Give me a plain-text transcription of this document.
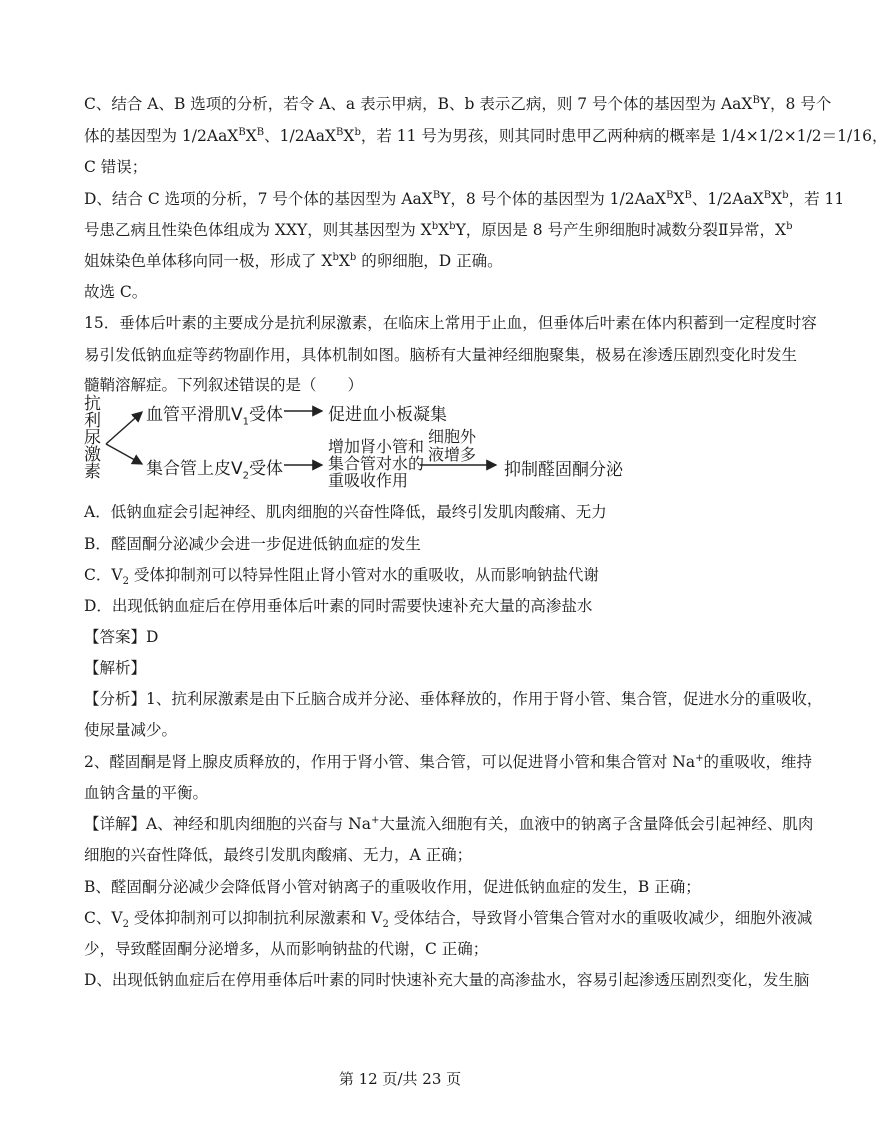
C、结合 A、B 选项的分析，若令 A、a 表示甲病，B、b 表示乙病，则 7 号个体的基因型为 AaX$^B$Y，8 号个
体的基因型为 $1/2AaX^BX^B$、$1/2AaX^BX^b$，若 11 号为男孩，则其同时患甲乙两种病的概率是 1/4×1/2×1/2＝1/16，
C 错误；
D、结合 C 选项的分析，7 号个体的基因型为 AaX$^B$Y，8 号个体的基因型为 $1/2AaX^BX^B$、$1/2AaX^BX^b$，若 11
号患乙病且性染色体组成为 XXY，则其基因型为 $X^bX^bY$，原因是 8 号产生卵细胞时减数分裂Ⅱ异常，$X^b$
姐妹染色单体移向同一极，形成了 $X^bX^b$ 的卵细胞，D 正确。
故选 C。
15．垂体后叶素的主要成分是抗利尿激素，在临床上常用于止血，但垂体后叶素在体内积蓄到一定程度时容
易引发低钠血症等药物副作用，具体机制如图。脑桥有大量神经细胞聚集，极易在渗透压剧烈变化时发生
髓鞘溶解症。下列叙述错误的是（　　）
抗
利
尿
激
素
血管平滑肌$V_1$受体	促进血小板凝集
集合管上皮$V_2$受体
增加肾小管和
集合管对水的
重吸收作用
细胞外
液增多
抑制醛固酮分泌
A．低钠血症会引起神经、肌肉细胞的兴奋性降低，最终引发肌肉酸痛、无力
B．醛固酮分泌减少会进一步促进低钠血症的发生
C．$V_2$ 受体抑制剂可以特异性阻止肾小管对水的重吸收，从而影响钠盐代谢
D．出现低钠血症后在停用垂体后叶素的同时需要快速补充大量的高渗盐水
【答案】D
【解析】
【分析】1、抗利尿激素是由下丘脑合成并分泌、垂体释放的，作用于肾小管、集合管，促进水分的重吸收，
使尿量减少。
2、醛固酮是肾上腺皮质释放的，作用于肾小管、集合管，可以促进肾小管和集合管对 Na+的重吸收，维持
血钠含量的平衡。
【详解】A、神经和肌肉细胞的兴奋与 Na+大量流入细胞有关，血液中的钠离子含量降低会引起神经、肌肉
细胞的兴奋性降低，最终引发肌肉酸痛、无力，A 正确；
B、醛固酮分泌减少会降低肾小管对钠离子的重吸收作用，促进低钠血症的发生，B 正确；
C、$V_2$ 受体抑制剂可以抑制抗利尿激素和 $V_2$ 受体结合，导致肾小管集合管对水的重吸收减少，细胞外液减
少，导致醛固酮分泌增多，从而影响钠盐的代谢，C 正确；
D、出现低钠血症后在停用垂体后叶素的同时快速补充大量的高渗盐水，容易引起渗透压剧烈变化，发生脑
第 12 页/共 23 页
